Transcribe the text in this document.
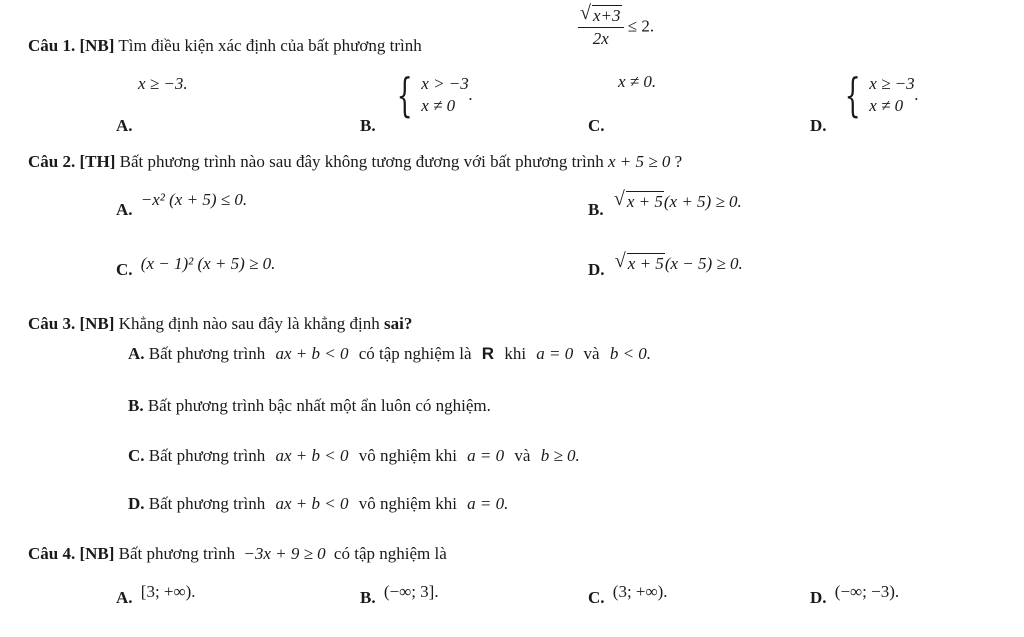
Câu 1. [NB] Tìm điều kiện xác định của bất phương trình	$\frac{√ x+3}{2x} \le 2$.
x ≥ −3.
A.	B.
{ x > −3
x ≠ 0
.
x ≠ 0.
C.	D.
{ x ≥ −3
x ≠ 0
.
Câu 2. [TH] Bất phương trình nào sau đây không tương đương với bất phương trình x + 5 ≥ 0 ?
A. −x² (x + 5) ≤ 0.
B. √ x + 5(x + 5) ≥ 0.
C. (x − 1)² (x + 5) ≥ 0.	D. √ x + 5(x − 5) ≥ 0.
Câu 3. [NB] Khẳng định nào sau đây là khẳng định sai?
A. Bất phương trình ax + b < 0 có tập nghiệm là R khi a = 0 và b < 0.
B. Bất phương trình bậc nhất một ẩn luôn có nghiệm.
C. Bất phương trình ax + b < 0 vô nghiệm khi a = 0 và b ≥ 0.
D. Bất phương trình ax + b < 0 vô nghiệm khi a = 0.
Câu 4. [NB] Bất phương trình −3x + 9 ≥ 0 có tập nghiệm là
A. [3; +∞).	B. (−∞; 3].	C. (3; +∞).	D. (−∞; −3).
